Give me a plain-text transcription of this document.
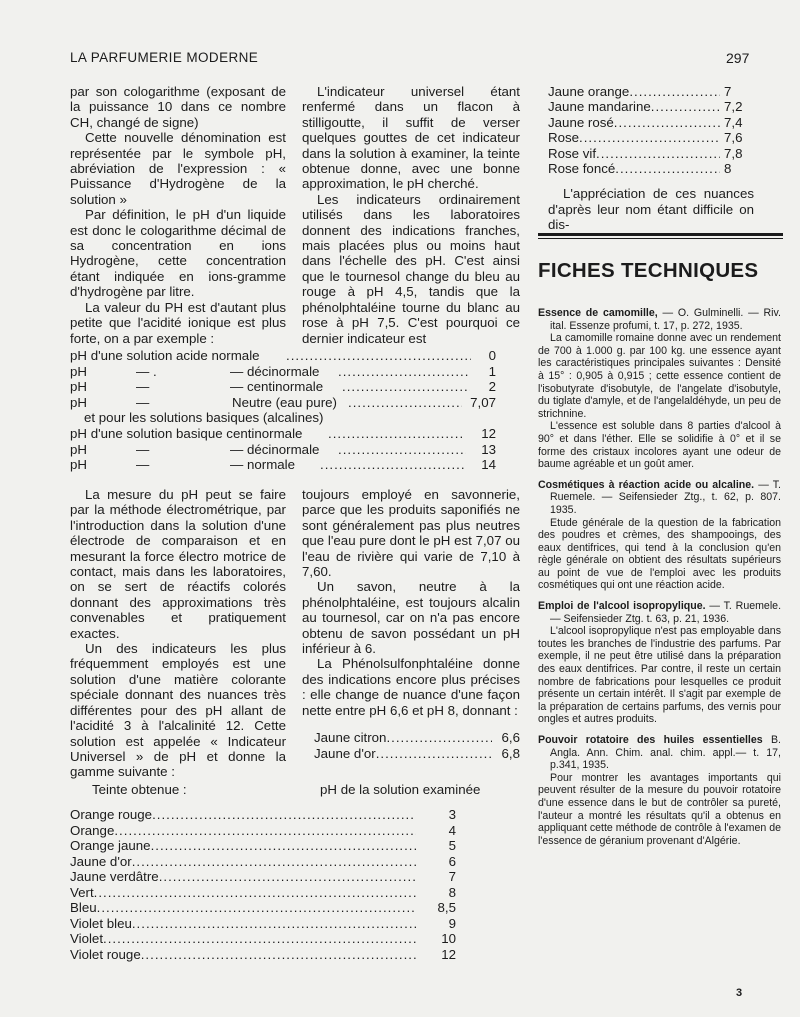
LA PARFUMERIE MODERNE	297

par son cologarithme (exposant de la puissance 10 dans ce nombre CH, changé de signe)

Cette nouvelle dénomination est représentée par le symbole pH, abréviation de l'expression : « Puissance d'Hydrogène de la solution »

Par définition, le pH d'un liquide est donc le cologarithme décimal de sa concentration en ions Hydrogène, cette concentration étant indiquée en ions-gramme d'hydrogène par litre.

La valeur du PH est d'autant plus petite que l'acidité ionique est plus forte, on a par exemple :

L'indicateur universel étant renfermé dans un flacon à stilligoutte, il suffit de verser quelques gouttes de cet indicateur dans la solution à examiner, la teinte obtenue donne, avec une bonne approximation, le pH cherché.

Les indicateurs ordinairement utilisés dans les laboratoires donnent des indications franches, mais placées plus ou moins haut dans l'échelle des pH. C'est ainsi que le tournesol change du bleu au rouge à pH 4,5, tandis que la phénolphtaléine tourne du blanc au rose à pH 7,5. C'est pourquoi ce dernier indicateur est

pH d'une solution acide normale .....	0
pH	— .	— décinormale .....	1
pH	—	— centinormale .....	2
pH	—	Neutre (eau pure) .....	7,07
et pour les solutions basiques (alcalines)
pH d'une solution basique centinormale .....	12
pH	—	— décinormale .....	13
pH	—	— normale .....	14

La mesure du pH peut se faire par la méthode électrométrique, par l'introduction dans la solution d'une électrode de comparaison et en mesurant la force électro motrice de contact, mais dans les laboratoires, on se sert de réactifs colorés donnant des approximations très convenables et pratiquement exactes.

Un des indicateurs les plus fréquemment employés est une solution d'une matière colorante spéciale donnant des nuances très différentes pour des pH allant de l'acidité 3 à l'alcalinité 12. Cette solution est appelée « Indicateur Universel » de pH et donne la gamme suivante :

toujours employé en savonnerie, parce que les produits saponifiés ne sont généralement pas plus neutres que l'eau pure dont le pH est 7,07 ou l'eau de rivière qui varie de 7,10 à 7,60.

Un savon, neutre à la phénolphtaléine, est toujours alcalin au tournesol, car on n'a pas encore obtenu de savon possédant un pH inférieur à 6.

La Phénolsulfonphtaléine donne des indications encore plus précises : elle change de nuance d'une façon nette entre pH 6,6 et pH 8, donnant :

Jaune citron .....	6,6
Jaune d'or .....	6,8
Teinte obtenue :	pH de la solution examinée
Orange rouge .....	3
Orange .....	4
Orange jaune .....	5
Jaune d'or .....	6
Jaune verdâtre .....	7
Vert .....	8
Bleu .....	8,5
Violet bleu .....	9
Violet .....	10
Violet rouge .....	12
Jaune orange .....	7
Jaune mandarine .....	7,2
Jaune rosé .....	7,4
Rose .....	7,6
Rose vif .....	7,8
Rose foncé .....	8

L'appréciation de ces nuances d'après leur nom étant difficile on dis-

FICHES TECHNIQUES

Essence de camomille, — O. Gulminelli. — Riv. ital. Essenze profumi, t. 17, p. 272, 1935.

La camomille romaine donne avec un rendement de 700 à 1.000 g. par 100 kg. une essence ayant les caractéristiques principales suivantes : Densité à 15° : 0,905 à 0,915 ; cette essence contient de l'isobutyrate d'isobutyle, de l'angelate d'isobutyle, du tiglate d'amyle, et de l'angelaldéhyde, un peu de strichnine.

L'essence est soluble dans 8 parties d'alcool à 90° et dans l'éther. Elle se solidifie à 0° et il se forme des cristaux incolores ayant une odeur de baume agréable et un goût amer.

Cosmétiques à réaction acide ou alcaline. — T. Ruemele. — Seifensieder Ztg., t. 62, p. 807. 1935.

Etude générale de la question de la fabrication des poudres et crèmes, des shampooings, des eaux dentifrices, qui tend à la conclusion qu'en règle générale on obtient des résultats supérieurs au point de vue de l'emploi avec les produits cosmétiques qui ont une réaction acide.

Emploi de l'alcool isopropylique. — T. Ruemele. — Seifensieder Ztg. t. 63, p. 21, 1936.

L'alcool isopropylique n'est pas employable dans toutes les branches de l'industrie des parfums. Par exemple, il ne peut être utilisé dans la préparation des eaux dentifrices. Par contre, il reste un certain nombre de fabrications pour lesquelles ce produit présente un certain intérêt. Il s'agit par exemple de la préparation de certains parfums, des vernis pour ongles et autres produits.

Pouvoir rotatoire des huiles essentielles B. Angla. Ann. Chim. anal. chim. appl.— t. 17, p.341, 1935.

Pour montrer les avantages importants qui peuvent résulter de la mesure du pouvoir rotatoire d'une essence dans le but de contrôler sa pureté, l'auteur a montré les résultats qu'il a obtenus en appliquant cette méthode de contrôle à l'examen de l'essence de géranium provenant d'Algérie.

3
